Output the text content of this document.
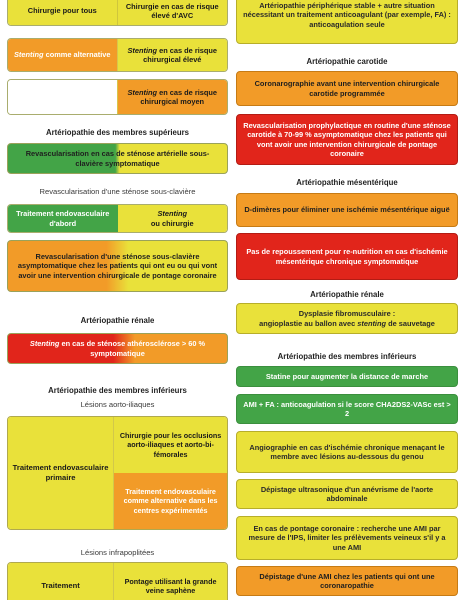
Chirurgie pour tous
Chirurgie en cas de risque élevé d'AVC
Stenting comme alternative
Stenting en cas de risque chirurgical élevé
Stenting en cas de risque chirurgical moyen
Artériopathie des membres supérieurs
Revascularisation en cas de sténose artérielle sous-clavière symptomatique
Revascularisation d'une sténose sous-clavière
Traitement endovasculaire d'abord
Stenting
ou chirurgie
Revascularisation d'une sténose sous-clavière asymptomatique chez les patients qui ont eu ou qui vont avoir une intervention chirurgicale de pontage coronaire
Artériopathie rénale
Stenting en cas de sténose athérosclérose > 60 % symptomatique
Artériopathie des membres inférieurs
Lésions aorto-iliaques
Traitement endovasculaire primaire
Chirurgie pour les occlusions aorto-iliaques et aorto-bi-fémorales
Traitement endovasculaire comme alternative dans les centres expérimentés
Lésions infrapoplitées
Traitement	Pontage utilisant la grande veine saphène
Artériopathie périphérique stable + autre situation nécessitant un traitement anticoagulant (par exemple, FA) : anticoagulation seule
Artériopathie carotide
Coronarographie avant une intervention chirurgicale carotide programmée
Revascularisation prophylactique en routine d'une sténose carotide à 70-99 % asymptomatique chez les patients qui vont avoir une intervention chirurgicale de pontage coronaire
Artériopathie mésentérique
D-dimères pour éliminer une ischémie mésentérique aiguë
Pas de repoussement pour re-nutrition en cas d'ischémie mésentérique chronique symptomatique
Artériopathie rénale
Dysplasie fibromusculaire :
angioplastie au ballon avec stenting de sauvetage
Artériopathie des membres inférieurs
Statine pour augmenter la distance de marche
AMI + FA : anticoagulation si le score CHA2DS2-VASc est > 2
Angiographie en cas d'ischémie chronique menaçant le membre avec lésions au-dessous du genou
Dépistage ultrasonique d'un anévrisme de l'aorte abdominale
En cas de pontage coronaire : recherche une AMI par mesure de l'IPS, limiter les prélèvements veineux s'il y a une AMI
Dépistage d'une AMI chez les patients qui ont une coronaropathie
